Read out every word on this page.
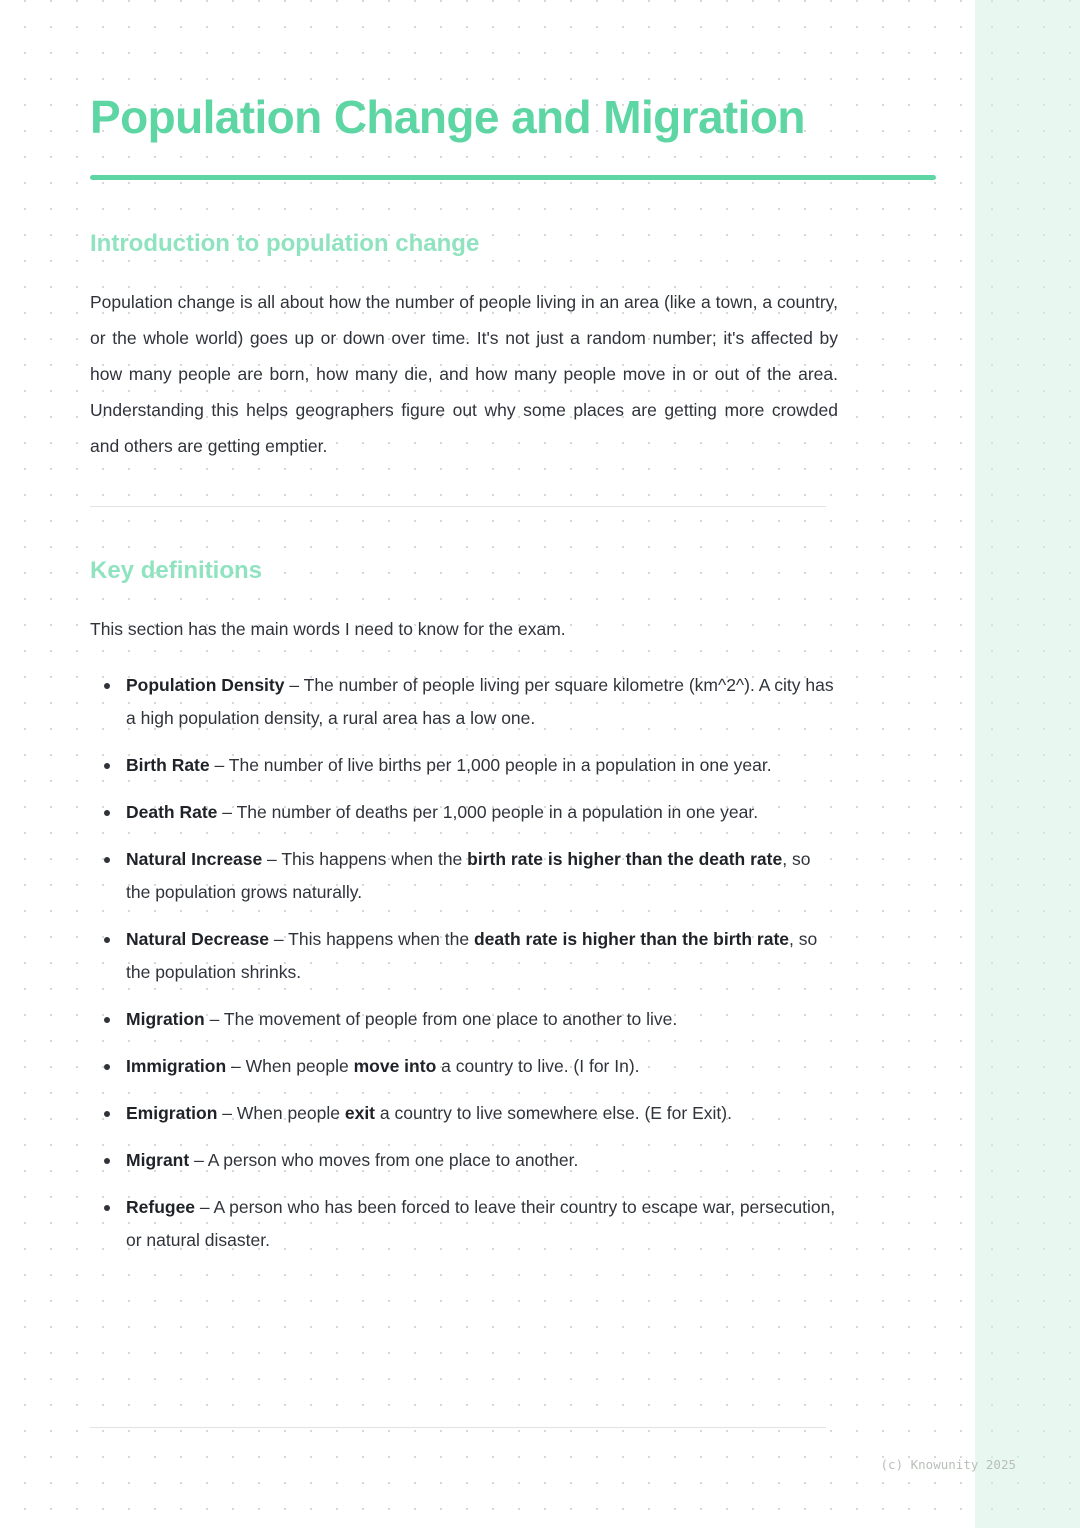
Population Change and Migration
Introduction to population change

Population change is all about how the number of people living in an area (like a town, a country, or the whole world) goes up or down over time. It's not just a random number; it's affected by how many people are born, how many die, and how many people move in or out of the area. Understanding this helps geographers figure out why some places are getting more crowded and others are getting emptier.

Key definitions

This section has the main words I need to know for the exam.

Population Density – The number of people living per square kilometre (km^2^). A city has a high population density, a rural area has a low one.
Birth Rate – The number of live births per 1,000 people in a population in one year.
Death Rate – The number of deaths per 1,000 people in a population in one year.
Natural Increase – This happens when the birth rate is higher than the death rate, so the population grows naturally.
Natural Decrease – This happens when the death rate is higher than the birth rate, so the population shrinks.
Migration – The movement of people from one place to another to live.
Immigration – When people move into a country to live. (I for In).
Emigration – When people exit a country to live somewhere else. (E for Exit).
Migrant – A person who moves from one place to another.
Refugee – A person who has been forced to leave their country to escape war, persecution, or natural disaster.
(c) Knowunity 2025
